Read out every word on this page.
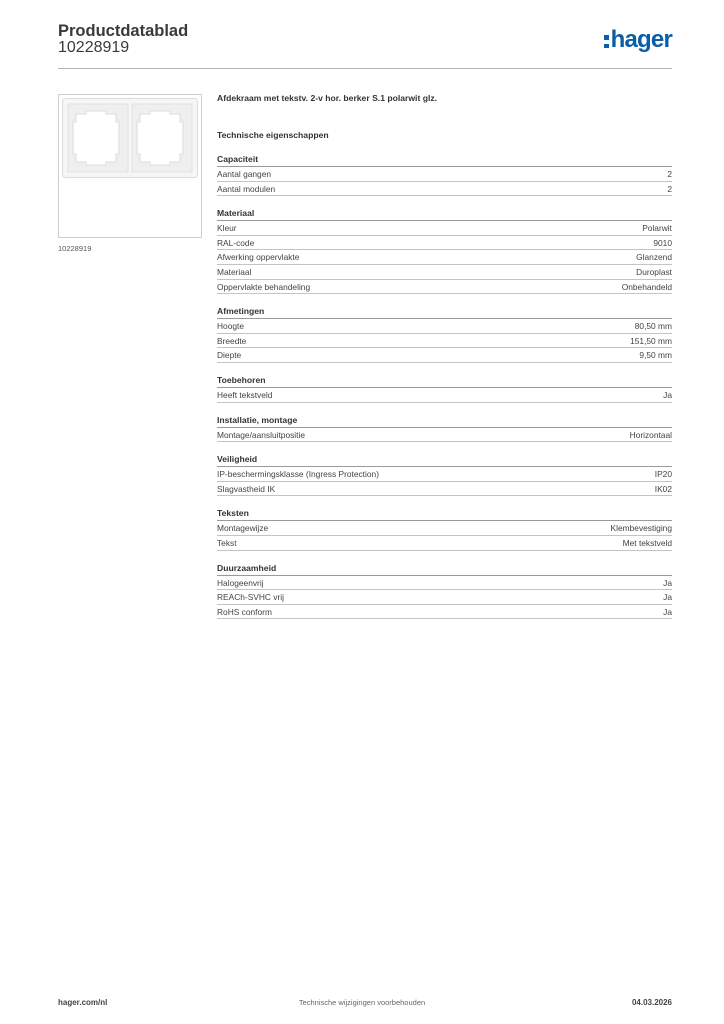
Productdatablad
10228919	hager
10228919
Afdekraam met tekstv. 2-v hor. berker S.1 polarwit glz.
Technische eigenschappen
Capaciteit
Aantal gangen	2
Aantal modulen	2
Materiaal
Kleur	Polarwit
RAL-code	9010
Afwerking oppervlakte	Glanzend
Materiaal	Duroplast
Oppervlakte behandeling	Onbehandeld
Afmetingen
Hoogte	80,50 mm
Breedte	151,50 mm
Diepte	9,50 mm
Toebehoren
Heeft tekstveld	Ja
Installatie, montage
Montage/aansluitpositie	Horizontaal
Veiligheid
IP-beschermingsklasse (Ingress Protection)	IP20
Slagvastheid IK	IK02
Teksten
Montagewijze	Klembevestiging
Tekst	Met tekstveld
Duurzaamheid
Halogeenvrij	Ja
REACh-SVHC vrij	Ja
RoHS conform	Ja
hager.com/nl	Technische wijzigingen voorbehouden	04.03.2026
